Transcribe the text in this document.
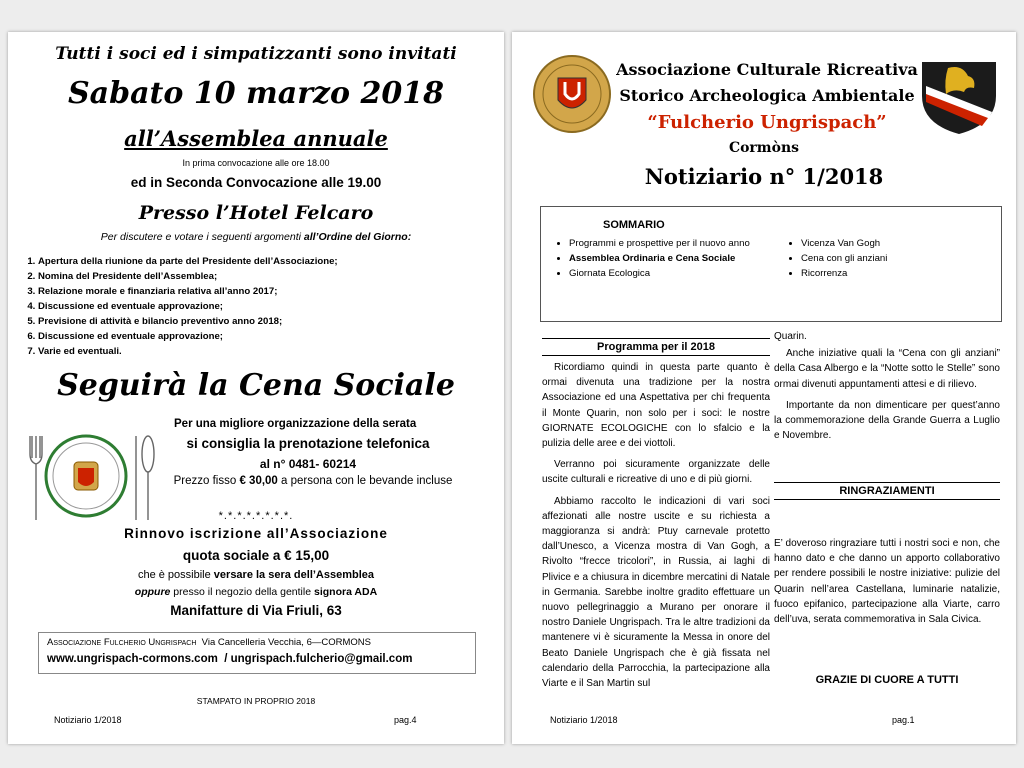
Tutti i soci ed i simpatizzanti sono invitati
Sabato 10 marzo 2018
all’Assemblea annuale
In prima convocazione alle ore 18.00
ed in Seconda Convocazione alle 19.00
Presso l’Hotel Felcaro
Per discutere e votare i seguenti argomenti all’Ordine del Giorno:
1. Apertura della riunione da parte del Presidente dell’Associazione;
2. Nomina del Presidente dell’Assemblea;
3. Relazione morale e finanziaria relativa all’anno 2017;
4. Discussione ed eventuale approvazione;
5. Previsione di attività e bilancio preventivo anno 2018;
6. Discussione ed eventuale approvazione;
7. Varie ed eventuali.
Seguirà la Cena Sociale
Per una migliore organizzazione della serata
si consiglia la prenotazione telefonica
al n° 0481- 60214
Prezzo fisso € 30,00 a persona con le bevande incluse
*.*.*.*.*.*.*.*.
Rinnovo iscrizione all’Associazione
quota sociale a € 15,00
che è possibile versare la sera dell’Assemblea
oppure presso il negozio della gentile signora ADA
Manifatture di Via Friuli, 63
Associazione Fulcherio Ungrispach Via Cancelleria Vecchia, 6—CORMONS
www.ungrispach-cormons.com / ungrispach.fulcherio@gmail.com
STAMPATO IN PROPRIO 2018
Notiziario 1/2018	pag.4
Associazione Culturale Ricreativa
Storico Archeologica Ambientale
“Fulcherio Ungrispach”
Cormòns
Notiziario n° 1/2018
SOMMARIO
• Programmi e prospettive per il nuovo anno
• Assemblea Ordinaria e Cena Sociale
• Giornata Ecologica
• Vicenza Van Gogh
• Cena con gli anziani
• Ricorrenza
Programma per il 2018

Ricordiamo quindi in questa parte quanto è ormai divenuta una tradizione per la nostra Associazione ed una Aspettativa per chi frequenta il Monte Quarin, non solo per i soci: le nostre GIORNATE ECOLOGICHE con lo sfalcio e la pulizia delle aree e dei viottoli.

Verranno poi sicuramente organizzate delle uscite culturali e ricreative di uno e di più giorni.

Abbiamo raccolto le indicazioni di vari soci affezionati alle nostre uscite e su richiesta a maggioranza si andrà: Ptuy carnevale protetto dall’Unesco, a Vicenza mostra di Van Gogh, a Rivolto “frecce tricolori”, in Russia, ai laghi di Plivice e a chiusura in dicembre mercatini di Natale in Germania. Sarebbe inoltre gradito effettuare un nuovo pellegrinaggio a Murano per onorare il nostro Daniele Ungrispach. Tra le altre tradizioni da mantenere vi è sicuramente la Messa in onore del Beato Daniele Ungrispach che è già fissata nel calendario della Parrocchia, la partecipazione alla Viarte e il San Martin sul

Quarin.

Anche iniziative quali la “Cena con gli anziani” della Casa Albergo e la “Notte sotto le Stelle” sono ormai divenuti appuntamenti attesi e di rilievo.

Importante da non dimenticare per quest’anno la commemorazione della Grande Guerra a Luglio e Novembre.

RINGRAZIAMENTI

E’ doveroso ringraziare tutti i nostri soci e non, che hanno dato e che danno un apporto collaborativo per rendere possibili le nostre iniziative: pulizie del Quarin nell’area Castellana, luminarie natalizie, fuoco epifanico, partecipazione alla Viarte, carro dell’uva, serata commemorativa in Sala Civica.

GRAZIE DI CUORE A TUTTI
Notiziario 1/2018	pag.1
